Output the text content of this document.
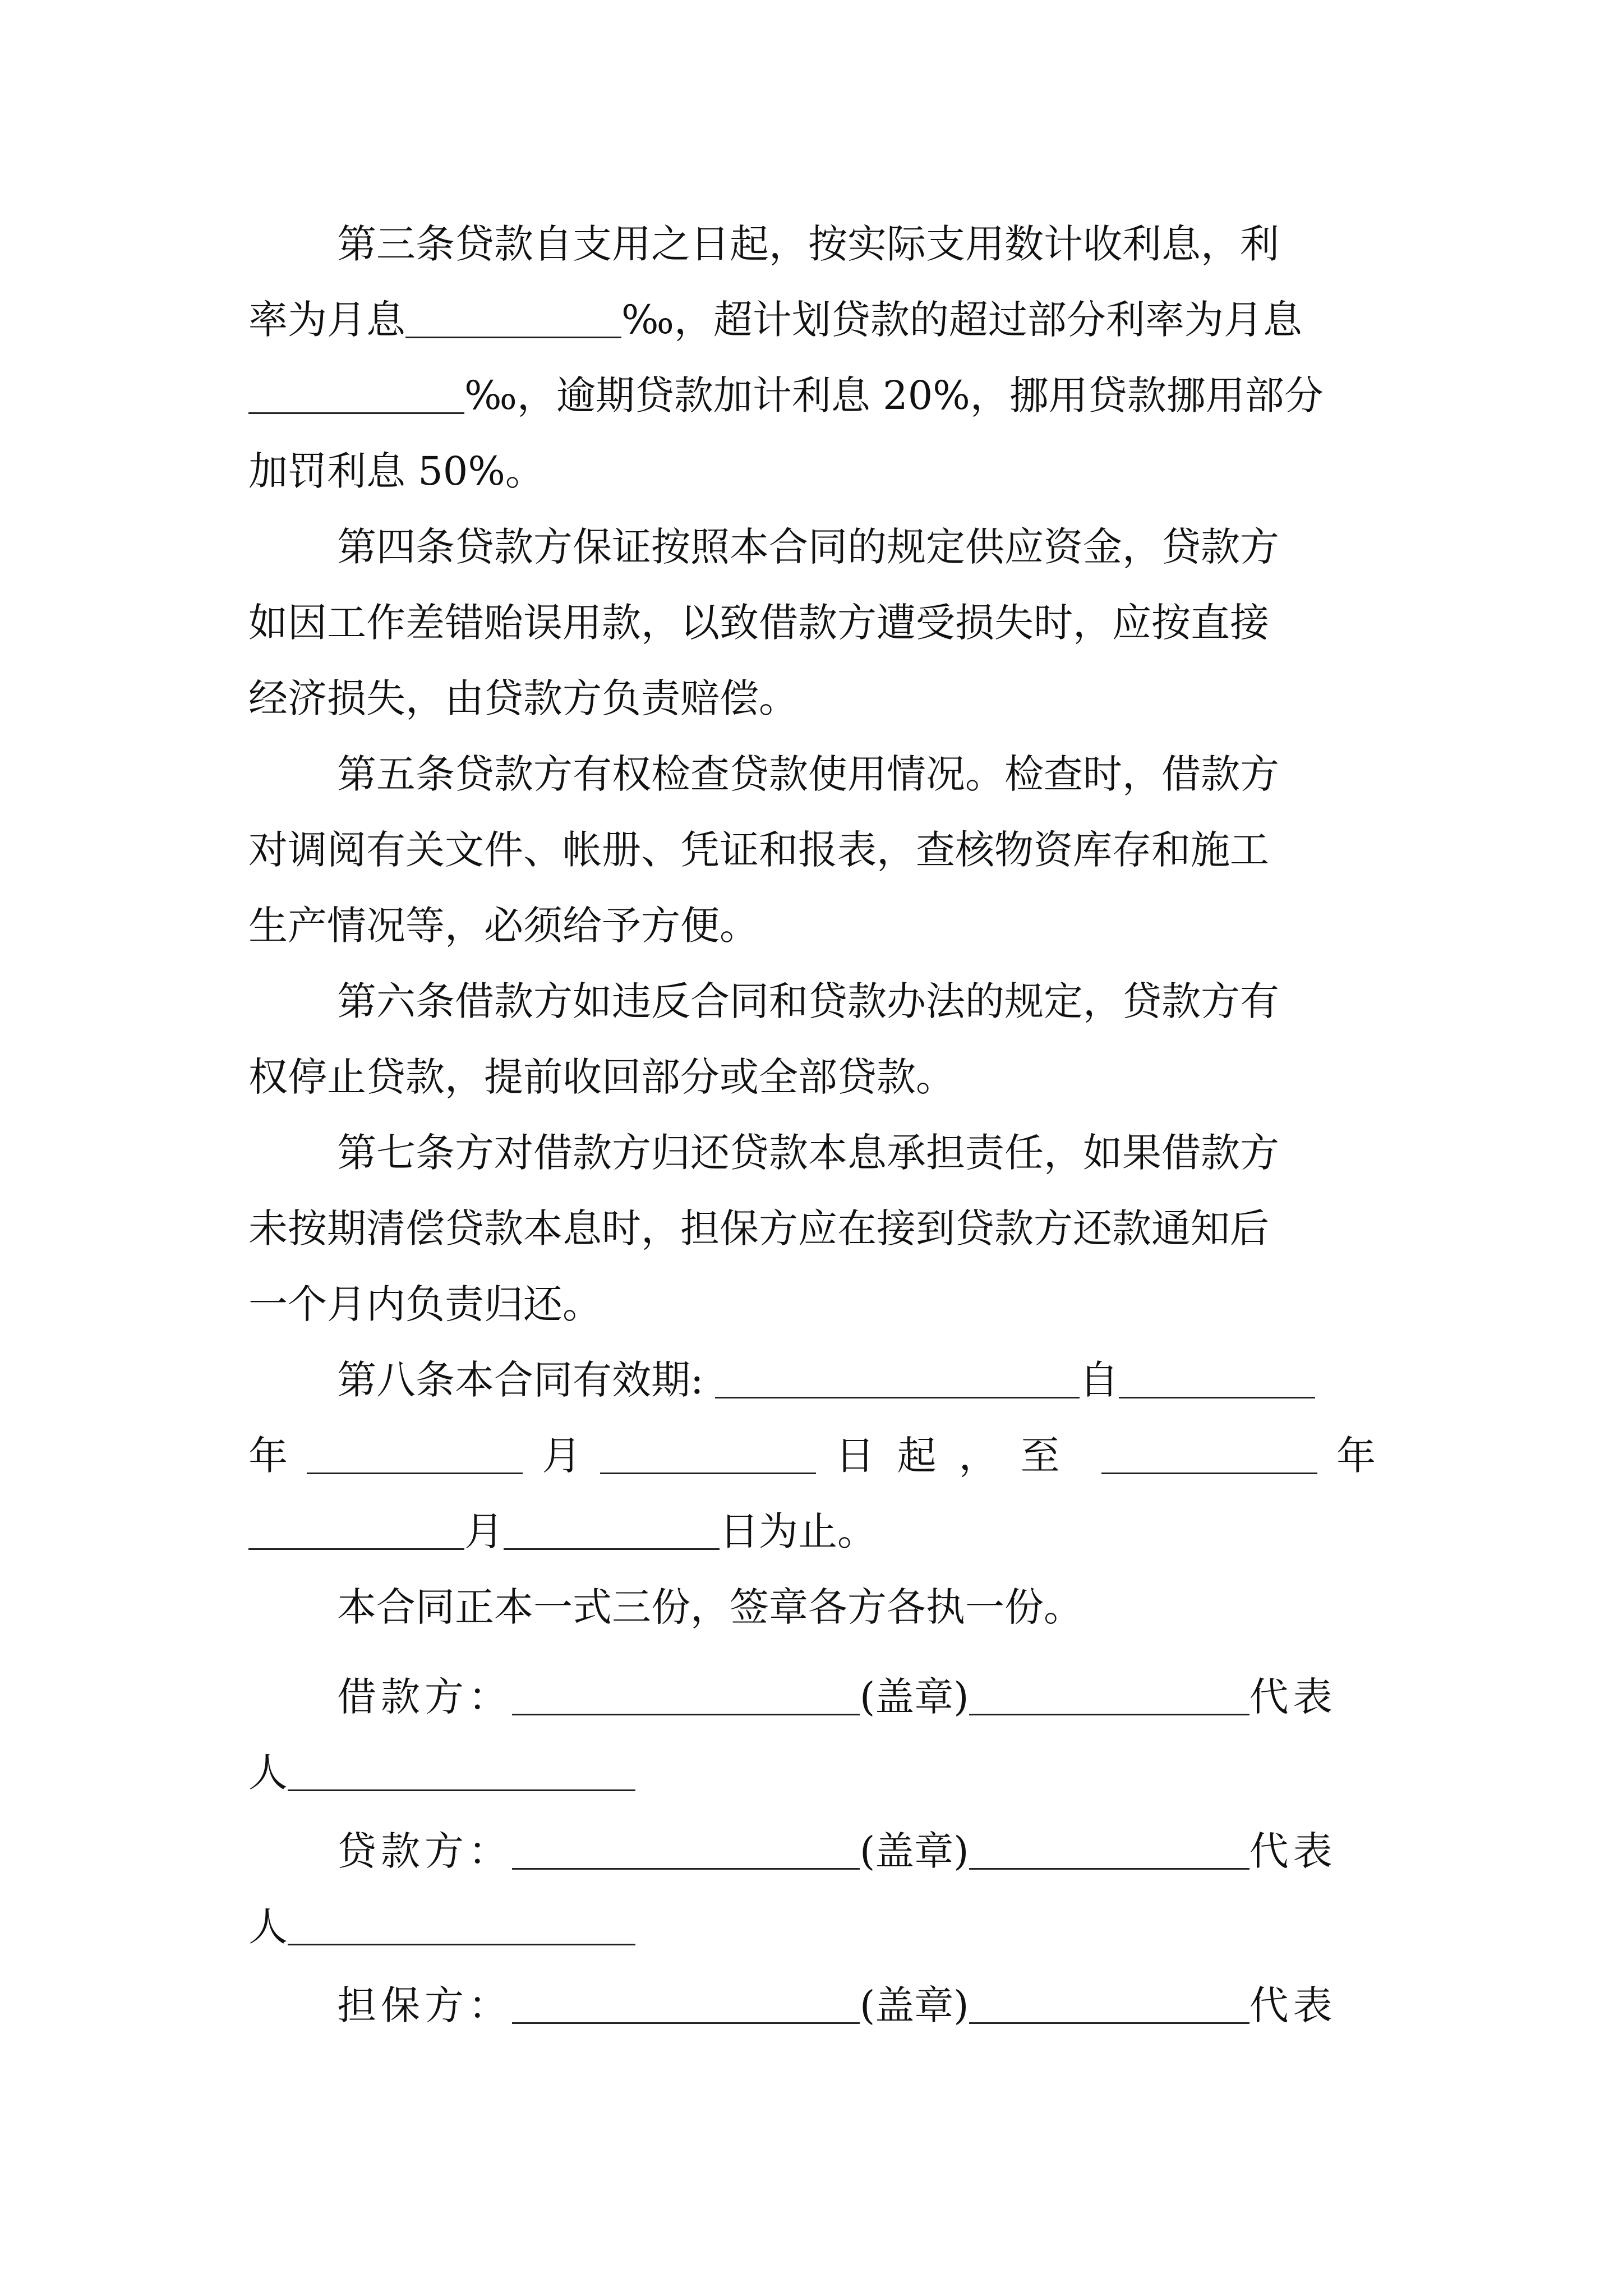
第三条贷款自支用之日起，按实际支用数计收利息，利
率为月息	‰，超计划贷款的超过部分利率为月息
‰，逾期贷款加计利息 20%，挪用贷款挪用部分
加罚利息 50%。
第四条贷款方保证按照本合同的规定供应资金，贷款方
如因工作差错贻误用款，以致借款方遭受损失时，应按直接
经济损失，由贷款方负责赔偿。
第五条贷款方有权检查贷款使用情况。检查时，借款方
对调阅有关文件、帐册、凭证和报表，查核物资库存和施工
生产情况等，必须给予方便。
第六条借款方如违反合同和贷款办法的规定，贷款方有
权停止贷款，提前收回部分或全部贷款。
第七条方对借款方归还贷款本息承担责任，如果借款方
未按期清偿贷款本息时，担保方应在接到贷款方还款通知后
一个月内负责归还。
第八条本合同有效期:	自
年	月	日起，至	年
月	日为止。
本合同正本一式三份，签章各方各执一份。
借款方：	(盖章)	代表
人
贷款方：	(盖章)	代表
人
担保方：	(盖章)	代表
